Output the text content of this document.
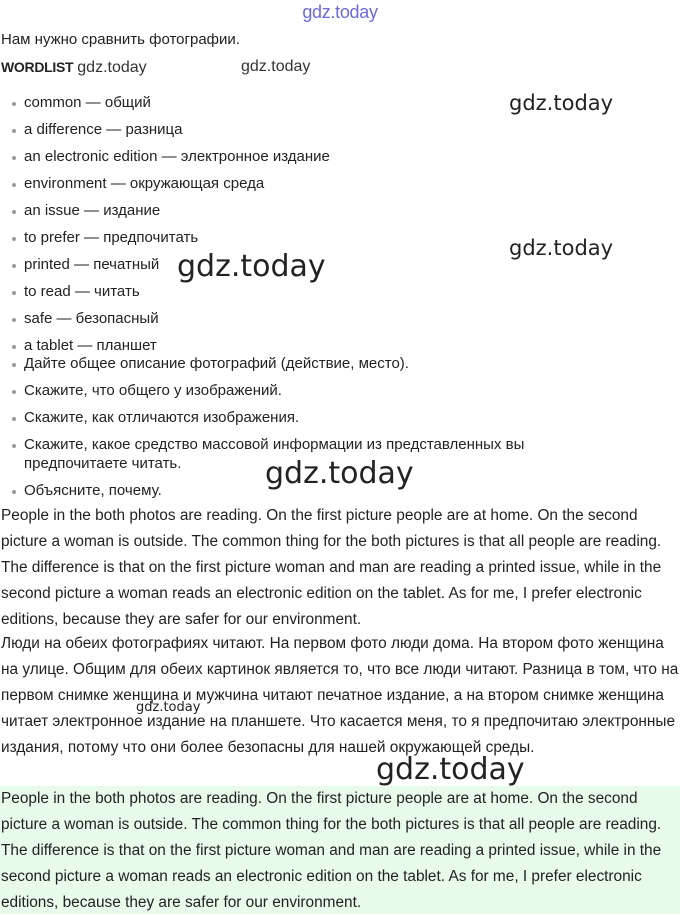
gdz.today
Нам нужно сравнить фотографии.
WORDLIST gdz.today	gdz.today
common — общий
a difference — разница
an electronic edition — электронное издание
environment — окружающая среда
an issue — издание
to prefer — предпочитать
printed — печатный
to read — читать
safe — безопасный
a tablet — планшет
Дайте общее описание фотографий (действие, место).
Скажите, что общего у изображений.
Скажите, как отличаются изображения.
Скажите, какое средство массовой информации из представленных вы предпочитаете читать.
Объясните, почему.
People in the both photos are reading. On the first picture people are at home. On the second picture a woman is outside. The common thing for the both pictures is that all people are reading. The difference is that on the first picture woman and man are reading a printed issue, while in the second picture a woman reads an electronic edition on the tablet. As for me, I prefer electronic editions, because they are safer for our environment.
Люди на обеих фотографиях читают. На первом фото люди дома. На втором фото женщина на улице. Общим для обеих картинок является то, что все люди читают. Разница в том, что на первом снимке женщина и мужчина читают печатное издание, а на втором снимке женщина читает электронное издание на планшете. Что касается меня, то я предпочитаю электронные издания, потому что они более безопасны для нашей окружающей среды.
People in the both photos are reading. On the first picture people are at home. On the second picture a woman is outside. The common thing for the both pictures is that all people are reading. The difference is that on the first picture woman and man are reading a printed issue, while in the second picture a woman reads an electronic edition on the tablet. As for me, I prefer electronic editions, because they are safer for our environment.
gdz.today
gdz.today
gdz.today
gdz.today
gdz.today
gdz.today
